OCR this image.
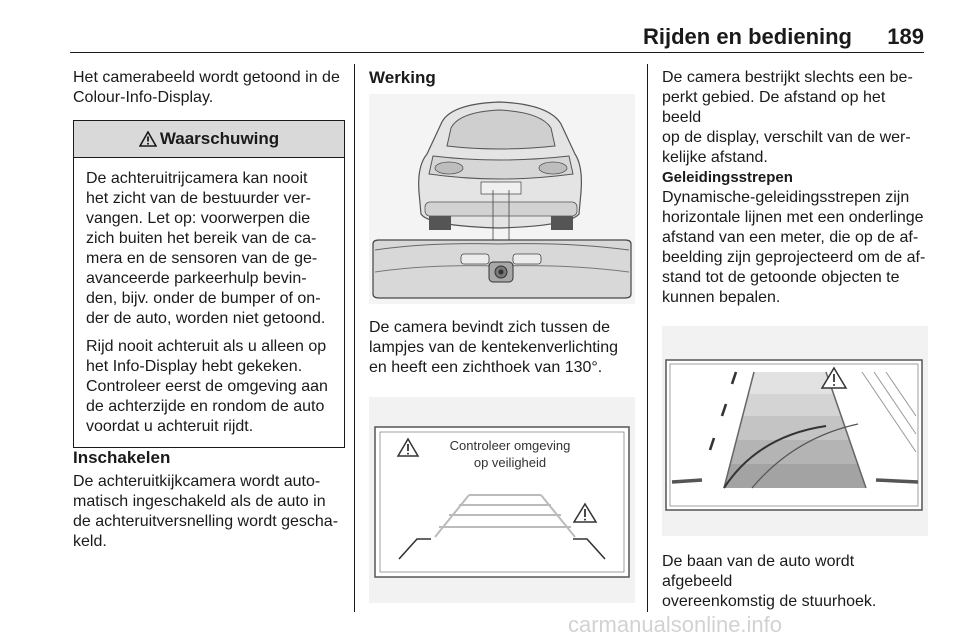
Rijden en bediening 189

Het camerabeeld wordt getoond in de
Colour-Info-Display.

Waarschuwing

De achteruitrijcamera kan nooit
het zicht van de bestuurder ver-
vangen. Let op: voorwerpen die
zich buiten het bereik van de ca-
mera en de sensoren van de ge-
avanceerde parkeerhulp bevin-
den, bijv. onder de bumper of on-
der de auto, worden niet getoond.

Rijd nooit achteruit als u alleen op
het Info-Display hebt gekeken.
Controleer eerst de omgeving aan
de achterzijde en rondom de auto
voordat u achteruit rijdt.

Inschakelen

De achteruitkijkcamera wordt auto-
matisch ingeschakeld als de auto in
de achteruitversnelling wordt gescha-
keld.

Werking

De camera bevindt zich tussen de
lampjes van de kentekenverlichting
en heeft een zichthoek van 130°.

Controleer omgeving
op veiligheid

De camera bestrijkt slechts een be-
perkt gebied. De afstand op het beeld
op de display, verschilt van de wer-
kelijke afstand.

Geleidingsstrepen

Dynamische-geleidingsstrepen zijn
horizontale lijnen met een onderlinge
afstand van een meter, die op de af-
beelding zijn geprojecteerd om de af-
stand tot de getoonde objecten te
kunnen bepalen.

De baan van de auto wordt afgebeeld
overeenkomstig de stuurhoek.

carmanualsonline.info
